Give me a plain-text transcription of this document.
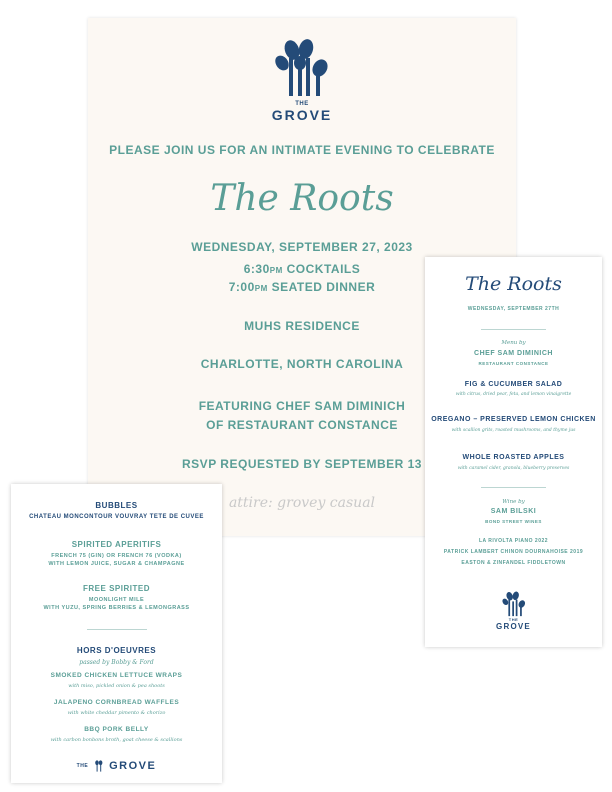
THE
GROVE
PLEASE JOIN US FOR AN INTIMATE EVENING TO CELEBRATE
The Roots
WEDNESDAY, SEPTEMBER 27, 2023
6:30PM COCKTAILS
7:00PM SEATED DINNER
MUHS RESIDENCE
CHARLOTTE, NORTH CAROLINA
FEATURING CHEF SAM DIMINICH
OF RESTAURANT CONSTANCE
RSVP REQUESTED BY SEPTEMBER 13
attire: grovey casual
BUBBLES
CHATEAU MONCONTOUR VOUVRAY TETE DE CUVEE
SPIRITED APERITIFS
FRENCH 75 (GIN) OR FRENCH 76 (VODKA)
WITH LEMON JUICE, SUGAR & CHAMPAGNE
FREE SPIRITED
MOONLIGHT MILE
WITH YUZU, SPRING BERRIES & LEMONGRASS
HORS D'OEUVRES
passed by Bobby & Ford
SMOKED CHICKEN LETTUCE WRAPS
with miso, pickled onion & pea shoots
JALAPENO CORNBREAD WAFFLES
with white cheddar pimento & chorizo
BBQ PORK BELLY
with carbon bonbons broth, goat cheese & scallions
THE GROVE
The Roots
WEDNESDAY, SEPTEMBER 27TH
Menu by
CHEF SAM DIMINICH
RESTAURANT CONSTANCE
FIG & CUCUMBER SALAD
with citrus, dried pear, feta, and lemon vinaigrette
OREGANO – PRESERVED LEMON CHICKEN
with scallion grits, roasted mushrooms, and thyme jus
WHOLE ROASTED APPLES
with caramel cider, granola, blueberry preserves
Wine by
SAM BILSKI
BOND STREET WINES
LA RIVOLTA PIANO 2022
PATRICK LAMBERT CHINON DOURNAHOISE 2019
EASTON & ZINFANDEL FIDDLETOWN
THE
GROVE
